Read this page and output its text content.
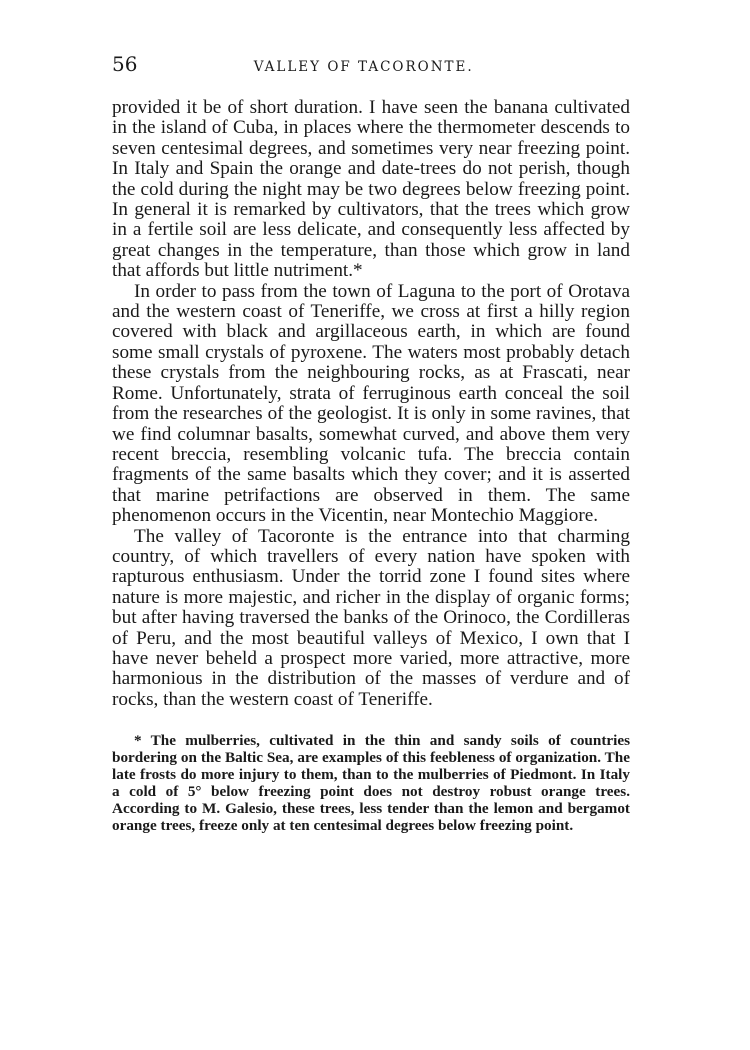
56	VALLEY OF TACORONTE.

provided it be of short duration. I have seen the banana cultivated in the island of Cuba, in places where the thermometer descends to seven centesimal degrees, and sometimes very near freezing point. In Italy and Spain the orange and date-trees do not perish, though the cold during the night may be two degrees below freezing point. In general it is remarked by cultivators, that the trees which grow in a fertile soil are less delicate, and consequently less affected by great changes in the temperature, than those which grow in land that affords but little nutriment.*

In order to pass from the town of Laguna to the port of Orotava and the western coast of Teneriffe, we cross at first a hilly region covered with black and argillaceous earth, in which are found some small crystals of pyroxene. The waters most probably detach these crystals from the neighbouring rocks, as at Frascati, near Rome. Unfortunately, strata of ferruginous earth conceal the soil from the researches of the geologist. It is only in some ravines, that we find columnar basalts, somewhat curved, and above them very recent breccia, resembling volcanic tufa. The breccia contain fragments of the same basalts which they cover; and it is asserted that marine petrifactions are observed in them. The same phenomenon occurs in the Vicentin, near Montechio Maggiore.

The valley of Tacoronte is the entrance into that charming country, of which travellers of every nation have spoken with rapturous enthusiasm. Under the torrid zone I found sites where nature is more majestic, and richer in the display of organic forms; but after having traversed the banks of the Orinoco, the Cordilleras of Peru, and the most beautiful valleys of Mexico, I own that I have never beheld a prospect more varied, more attractive, more harmonious in the distribution of the masses of verdure and of rocks, than the western coast of Teneriffe.

* The mulberries, cultivated in the thin and sandy soils of countries bordering on the Baltic Sea, are examples of this feebleness of organization. The late frosts do more injury to them, than to the mulberries of Piedmont. In Italy a cold of 5° below freezing point does not destroy robust orange trees. According to M. Galesio, these trees, less tender than the lemon and bergamot orange trees, freeze only at ten centesimal degrees below freezing point.
